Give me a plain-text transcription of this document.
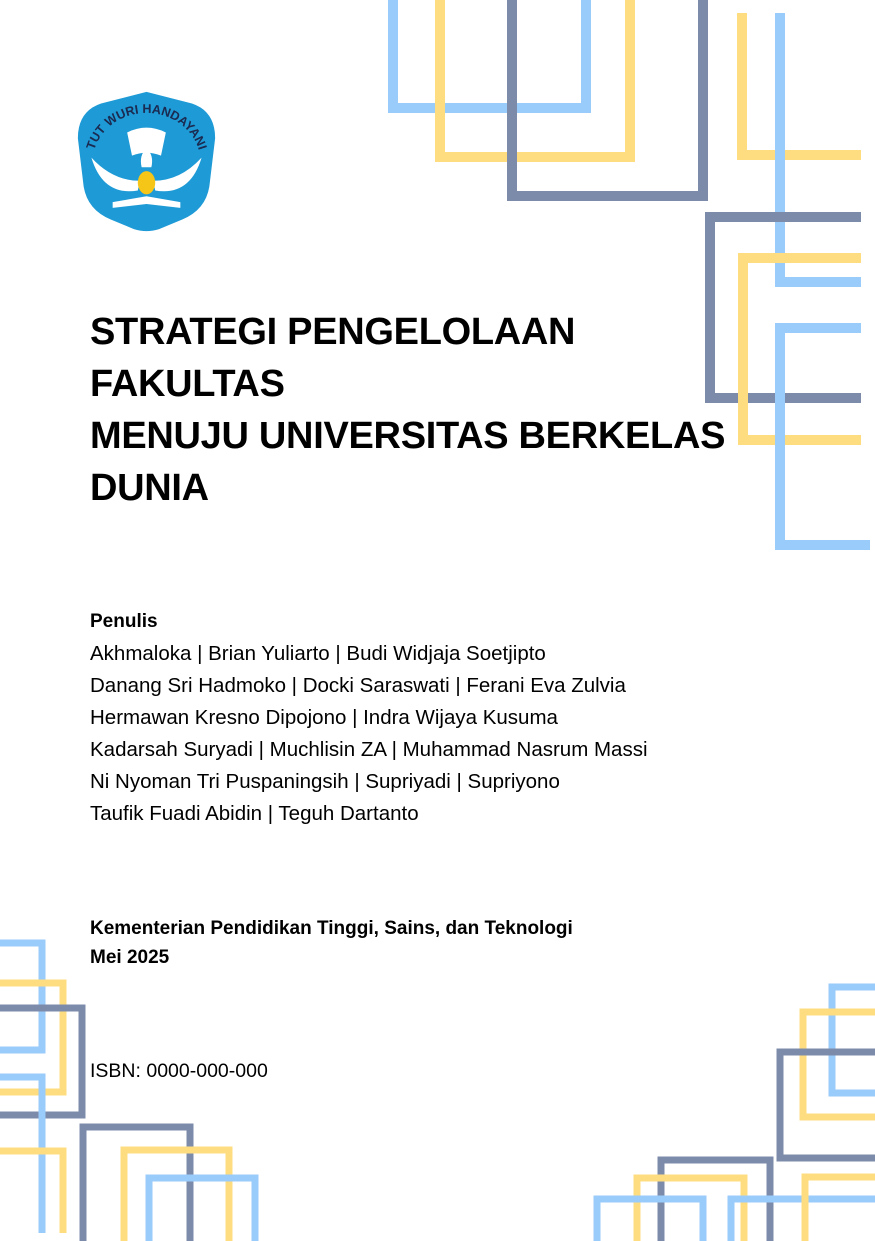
TUT WURI HANDAYANI
STRATEGI PENGELOLAAN
FAKULTAS
MENUJU UNIVERSITAS BERKELAS
DUNIA
Penulis
Akhmaloka | Brian Yuliarto | Budi Widjaja Soetjipto
Danang Sri Hadmoko | Docki Saraswati | Ferani Eva Zulvia
Hermawan Kresno Dipojono | Indra Wijaya Kusuma
Kadarsah Suryadi | Muchlisin ZA | Muhammad Nasrum Massi
Ni Nyoman Tri Puspaningsih | Supriyadi | Supriyono
Taufik Fuadi Abidin | Teguh Dartanto
Kementerian Pendidikan Tinggi, Sains, dan Teknologi
Mei 2025
ISBN: 0000-000-000
